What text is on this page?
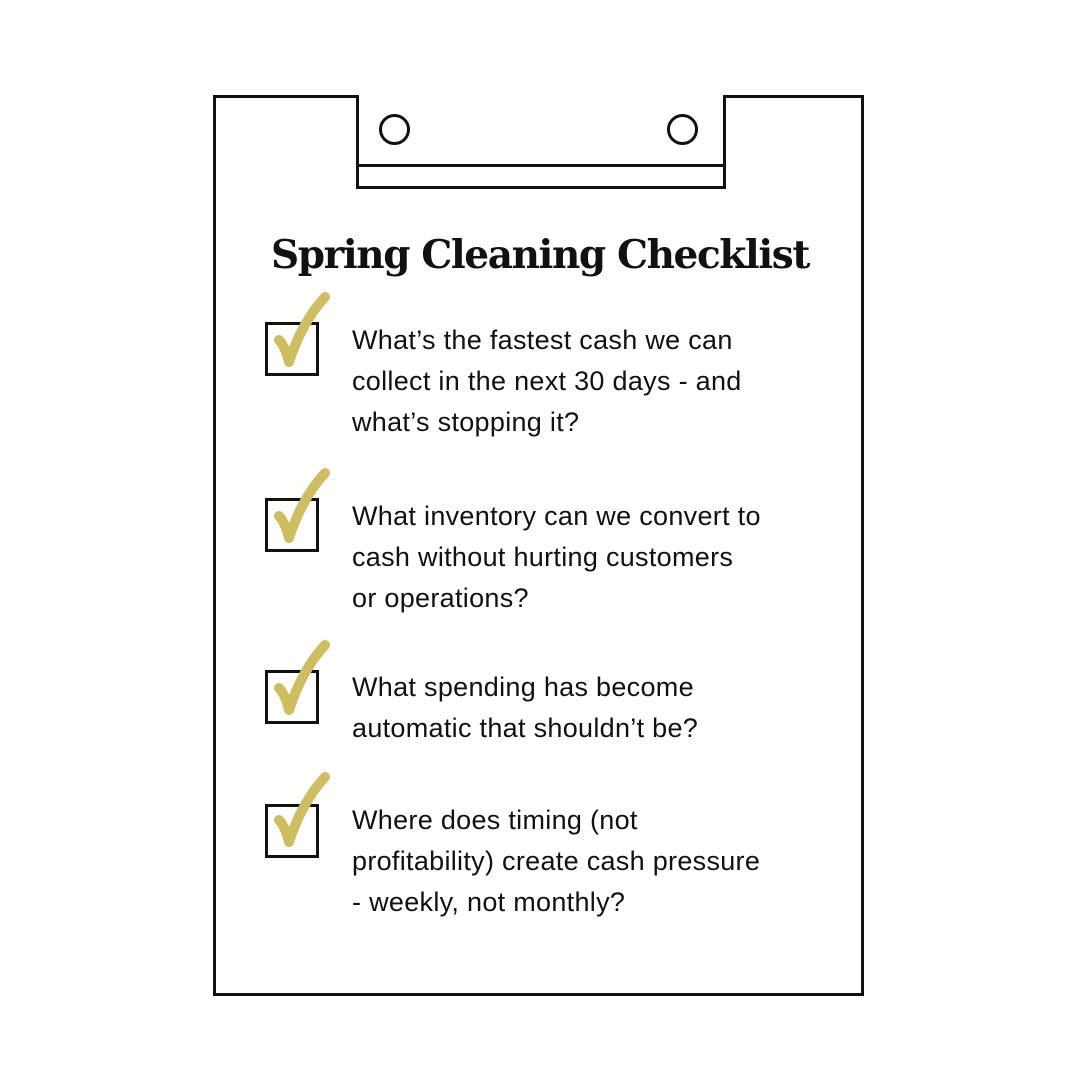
Spring Cleaning Checklist

What’s the fastest cash we can
collect in the next 30 days - and
what’s stopping it?

What inventory can we convert to
cash without hurting customers
or operations?

What spending has become
automatic that shouldn’t be?

Where does timing (not
profitability) create cash pressure
- weekly, not monthly?
